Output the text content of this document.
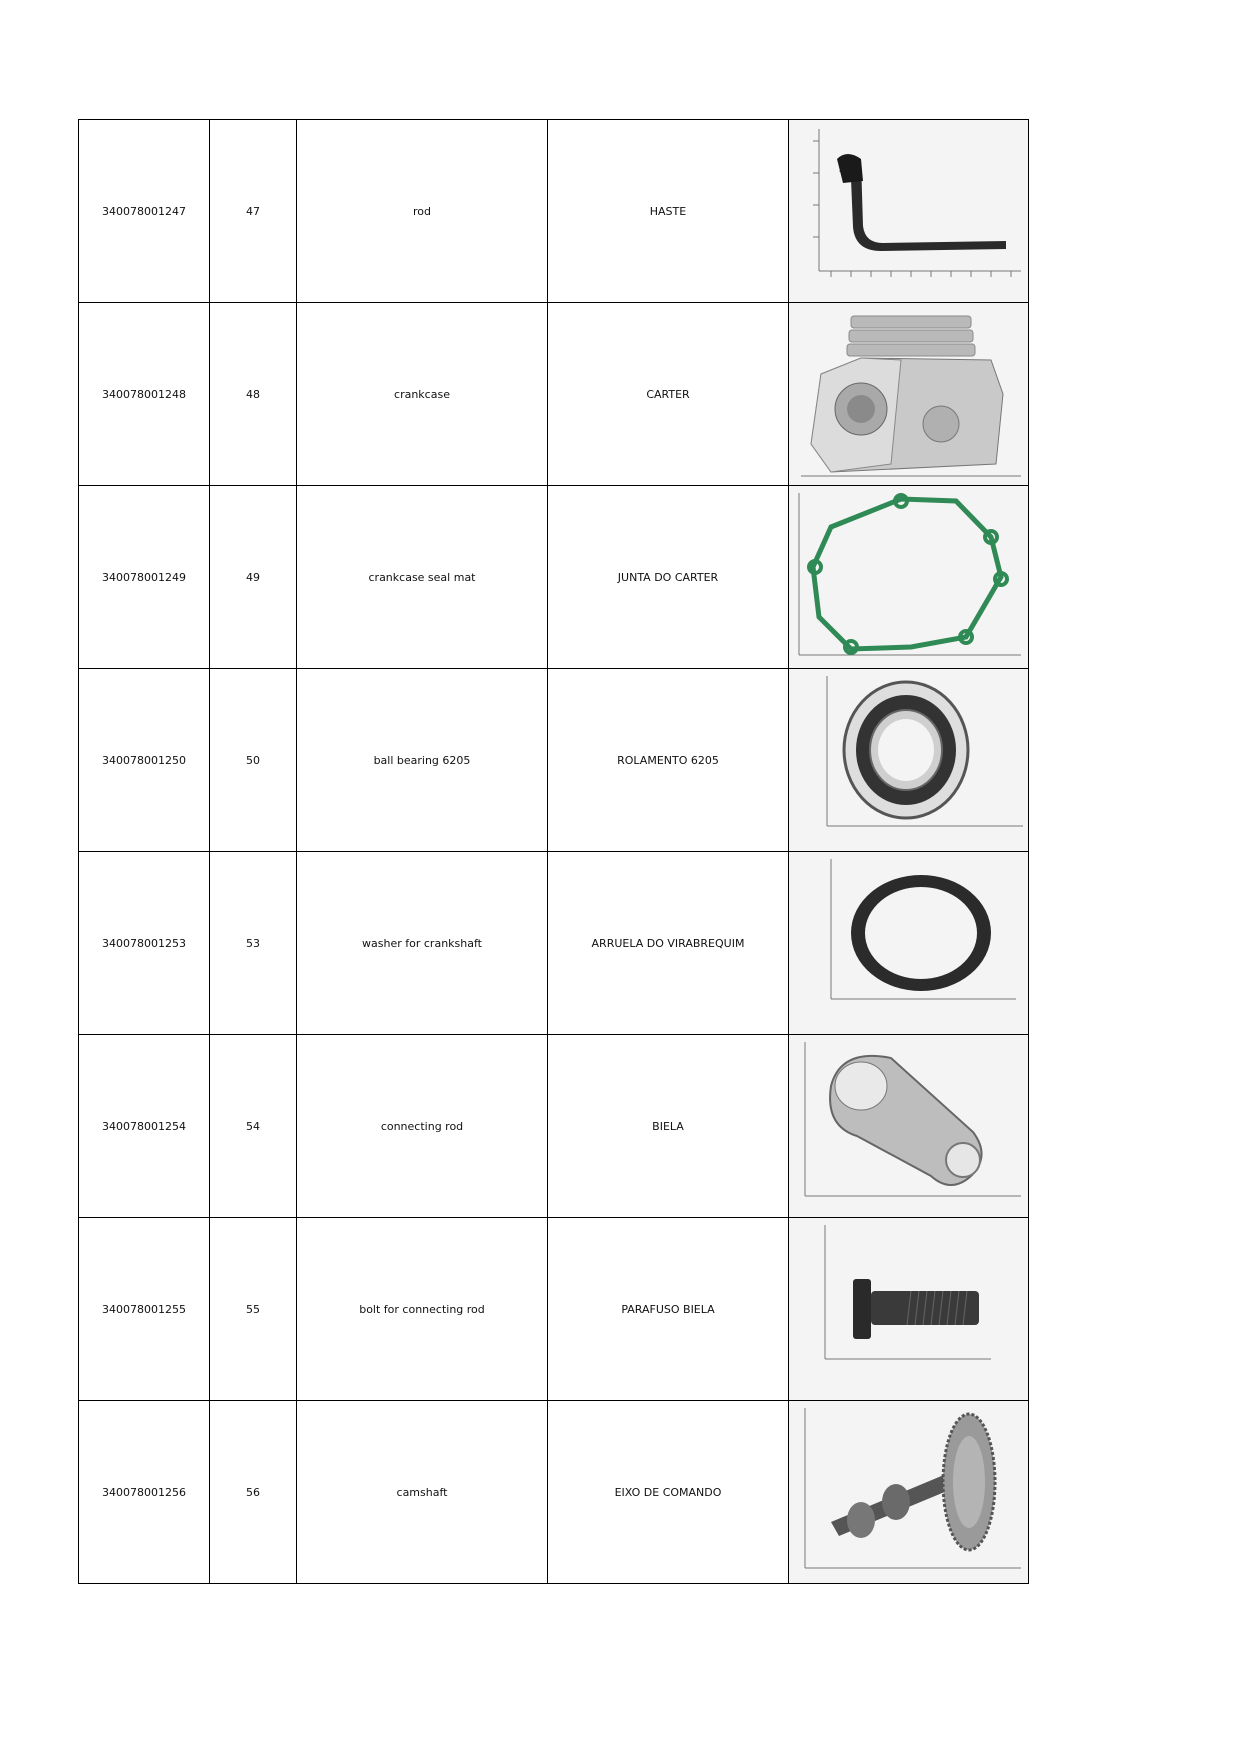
340078001247	47	rod	HASTE	

340078001248	48	crankcase	CARTER	

340078001249	49	crankcase seal mat	JUNTA DO CARTER	

340078001250	50	ball bearing 6205	ROLAMENTO 6205	

340078001253	53	washer for crankshaft	ARRUELA DO VIRABREQUIM	

340078001254	54	connecting rod	BIELA	

340078001255	55	bolt for connecting rod	PARAFUSO BIELA	

340078001256	56	camshaft	EIXO DE COMANDO	
